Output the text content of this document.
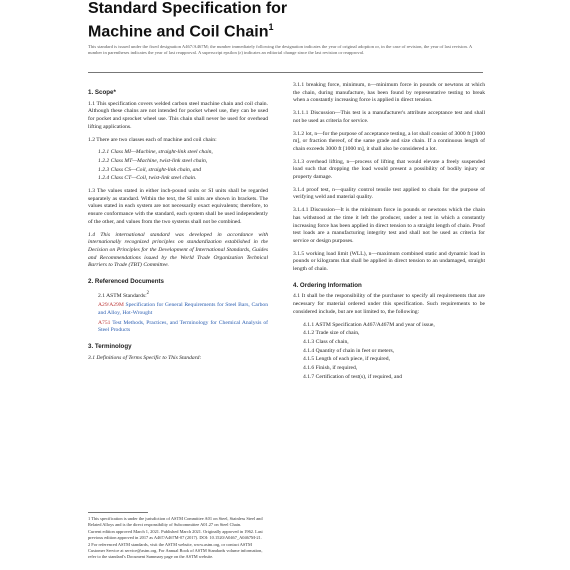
Standard Specification for
Machine and Coil Chain$^1$
This standard is issued under the fixed designation A467/A467M; the number immediately following the designation indicates the year of original adoption or, in the case of revision, the year of last revision. A number in parentheses indicates the year of last reapproval. A superscript epsilon (ε) indicates an editorial change since the last revision or reapproval.
1. Scope*
1.1 This specification covers welded carbon steel machine chain and coil chain. Although these chains are not intended for pocket wheel use, they can be used for pocket and sprocket wheel use. This chain shall never be used for overhead lifting applications.
1.2 There are two classes each of machine and coil chain:
1.2.1 Class MI—Machine, straight-link steel chain,
1.2.2 Class MT—Machine, twist-link steel chain,
1.2.3 Class CS—Coil, straight-link chain, and
1.2.4 Class CT—Coil, twist-link steel chain.
1.3 The values stated in either inch-pound units or SI units shall be regarded separately as standard. Within the text, the SI units are shown in brackets. The values stated in each system are not necessarily exact equivalents; therefore, to ensure conformance with the standard, each system shall be used independently of the other, and values from the two systems shall not be combined.
1.4 This international standard was developed in accordance with internationally recognized principles on standardization established in the Decision on Principles for the Development of International Standards, Guides and Recommendations issued by the World Trade Organization Technical Barriers to Trade (TBT) Committee.
2. Referenced Documents
2.1 ASTM Standards:$^2$
A29/A29M Specification for General Requirements for Steel Bars, Carbon and Alloy, Hot-Wrought
A751 Test Methods, Practices, and Terminology for Chemical Analysis of Steel Products
3. Terminology
3.1 Definitions of Terms Specific to This Standard:

1 This specification is under the jurisdiction of ASTM Committee A01 on Steel, Stainless Steel and Related Alloys and is the direct responsibility of Subcommittee A01.27 on Steel Chain.

Current edition approved March 1, 2021. Published March 2021. Originally approved in 1962. Last previous edition approved in 2017 as A467/A467M-07 (2017). DOI: 10.1520/A0467_A0467M-21.

2 For referenced ASTM standards, visit the ASTM website, www.astm.org, or contact ASTM Customer Service at service@astm.org. For Annual Book of ASTM Standards volume information, refer to the standard's Document Summary page on the ASTM website.

3.1.1 breaking force, minimum, n—minimum force in pounds or newtons at which the chain, during manufacture, has been found by representative testing to break when a constantly increasing force is applied in direct tension.
3.1.1.1 Discussion—This test is a manufacturer's attribute acceptance test and shall not be used as criteria for service.
3.1.2 lot, n—for the purpose of acceptance testing, a lot shall consist of 3000 ft [1000 m], or fraction thereof, of the same grade and size chain. If a continuous length of chain exceeds 3000 ft [1000 m], it shall also be considered a lot.
3.1.3 overhead lifting, n—process of lifting that would elevate a freely suspended load such that dropping the load would present a possibility of bodily injury or property damage.
3.1.4 proof test, n—quality control tensile test applied to chain for the purpose of verifying weld and material quality.
3.1.4.1 Discussion—It is the minimum force in pounds or newtons which the chain has withstood at the time it left the producer, under a test in which a constantly increasing force has been applied in direct tension to a straight length of chain. Proof test loads are a manufacturing integrity test and shall not be used as criteria for service or design purposes.
3.1.5 working load limit (WLL), n—maximum combined static and dynamic load in pounds or kilograms that shall be applied in direct tension to an undamaged, straight length of chain.
4. Ordering Information
4.1 It shall be the responsibility of the purchaser to specify all requirements that are necessary for material ordered under this specification. Such requirements to be considered include, but are not limited to, the following:
4.1.1 ASTM Specification A467/A467M and year of issue,
4.1.2 Trade size of chain,
4.1.3 Class of chain,
4.1.4 Quantity of chain in feet or meters,
4.1.5 Length of each piece, if required,
4.1.6 Finish, if required,
4.1.7 Certification of test(s), if required, and
